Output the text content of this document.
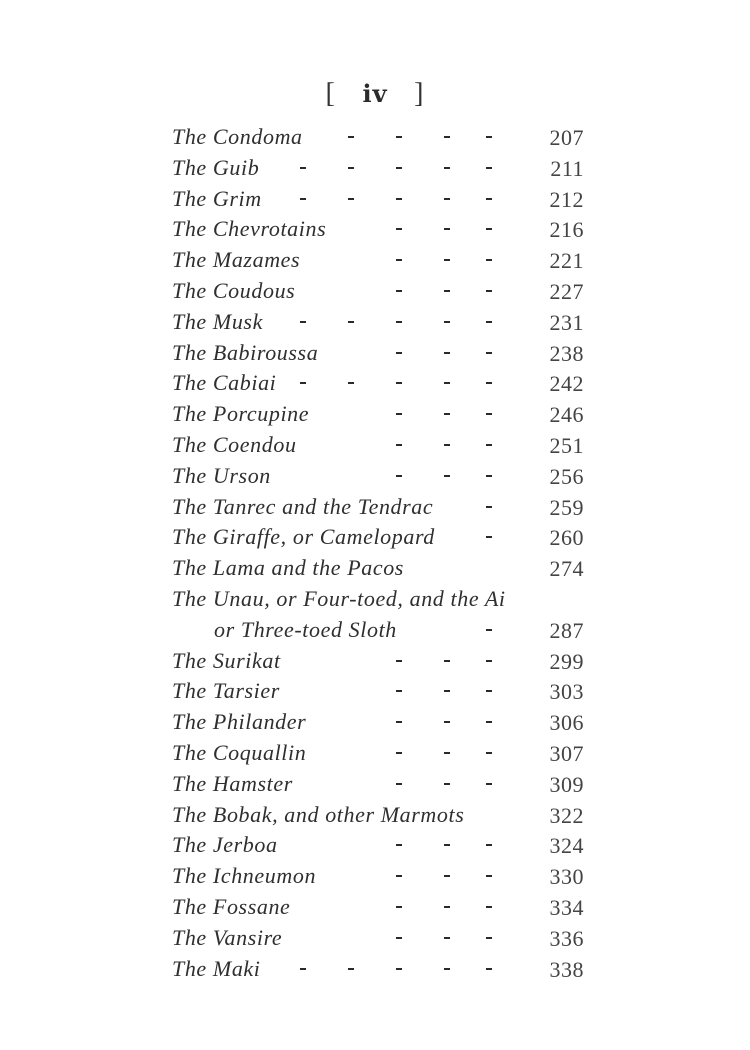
[ iv ]
The Condoma	207
The Guib	211
The Grim	212
The Chevrotains	216
The Mazames	221
The Coudous	227
The Musk	231
The Babiroussa	238
The Cabiai	242
The Porcupine	246
The Coendou	251
The Urson	256
The Tanrec and the Tendrac	259
The Giraffe, or Camelopard	260
The Lama and the Pacos	274
The Unau, or Four-toed, and the Ai
or Three-toed Sloth	287
The Surikat	299
The Tarsier	303
The Philander	306
The Coquallin	307
The Hamster	309
The Bobak, and other Marmots	322
The Jerboa	324
The Ichneumon	330
The Fossane	334
The Vansire	336
The Maki	338
